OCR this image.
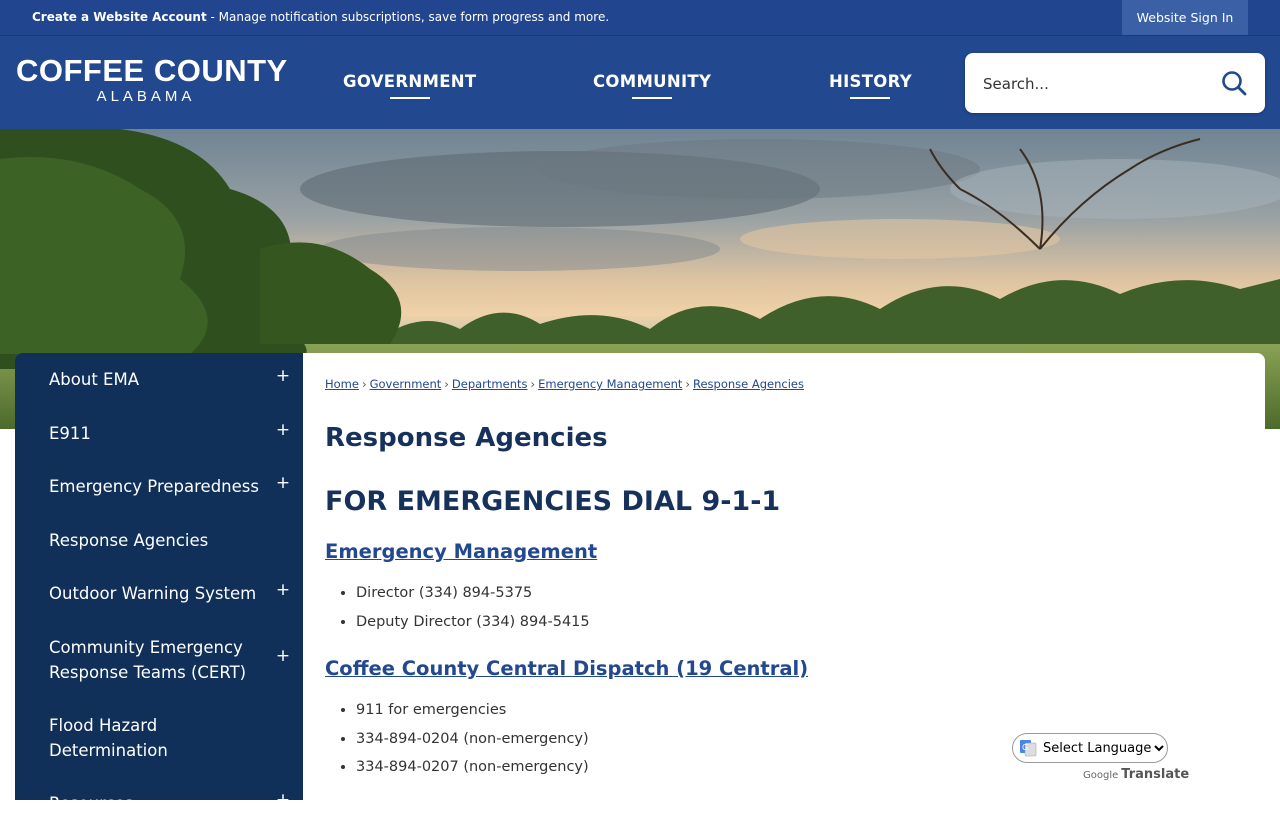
Create a Website Account - Manage notification subscriptions, save form progress and more.	Website Sign In
COFFEE COUNTY
ALABAMA
GOVERNMENT	COMMUNITY	HISTORY
Search...
About EMA	+
E911	+
Emergency Preparedness +
Response Agencies
Outdoor Warning System +
Community Emergency Response Teams (CERT)
+
Flood Hazard Determination
Resources	+
Home › Government › Departments › Emergency Management › Response Agencies
Response Agencies
FOR EMERGENCIES DIAL 9-1-1
Emergency Management
• Director (334) 894-5375
• Deputy Director (334) 894-5415
Coffee County Central Dispatch (19 Central)
• 911 for emergencies
• 334-894-0204 (non-emergency)
• 334-894-0207 (non-emergency)
G
Select Language
Google Translate
